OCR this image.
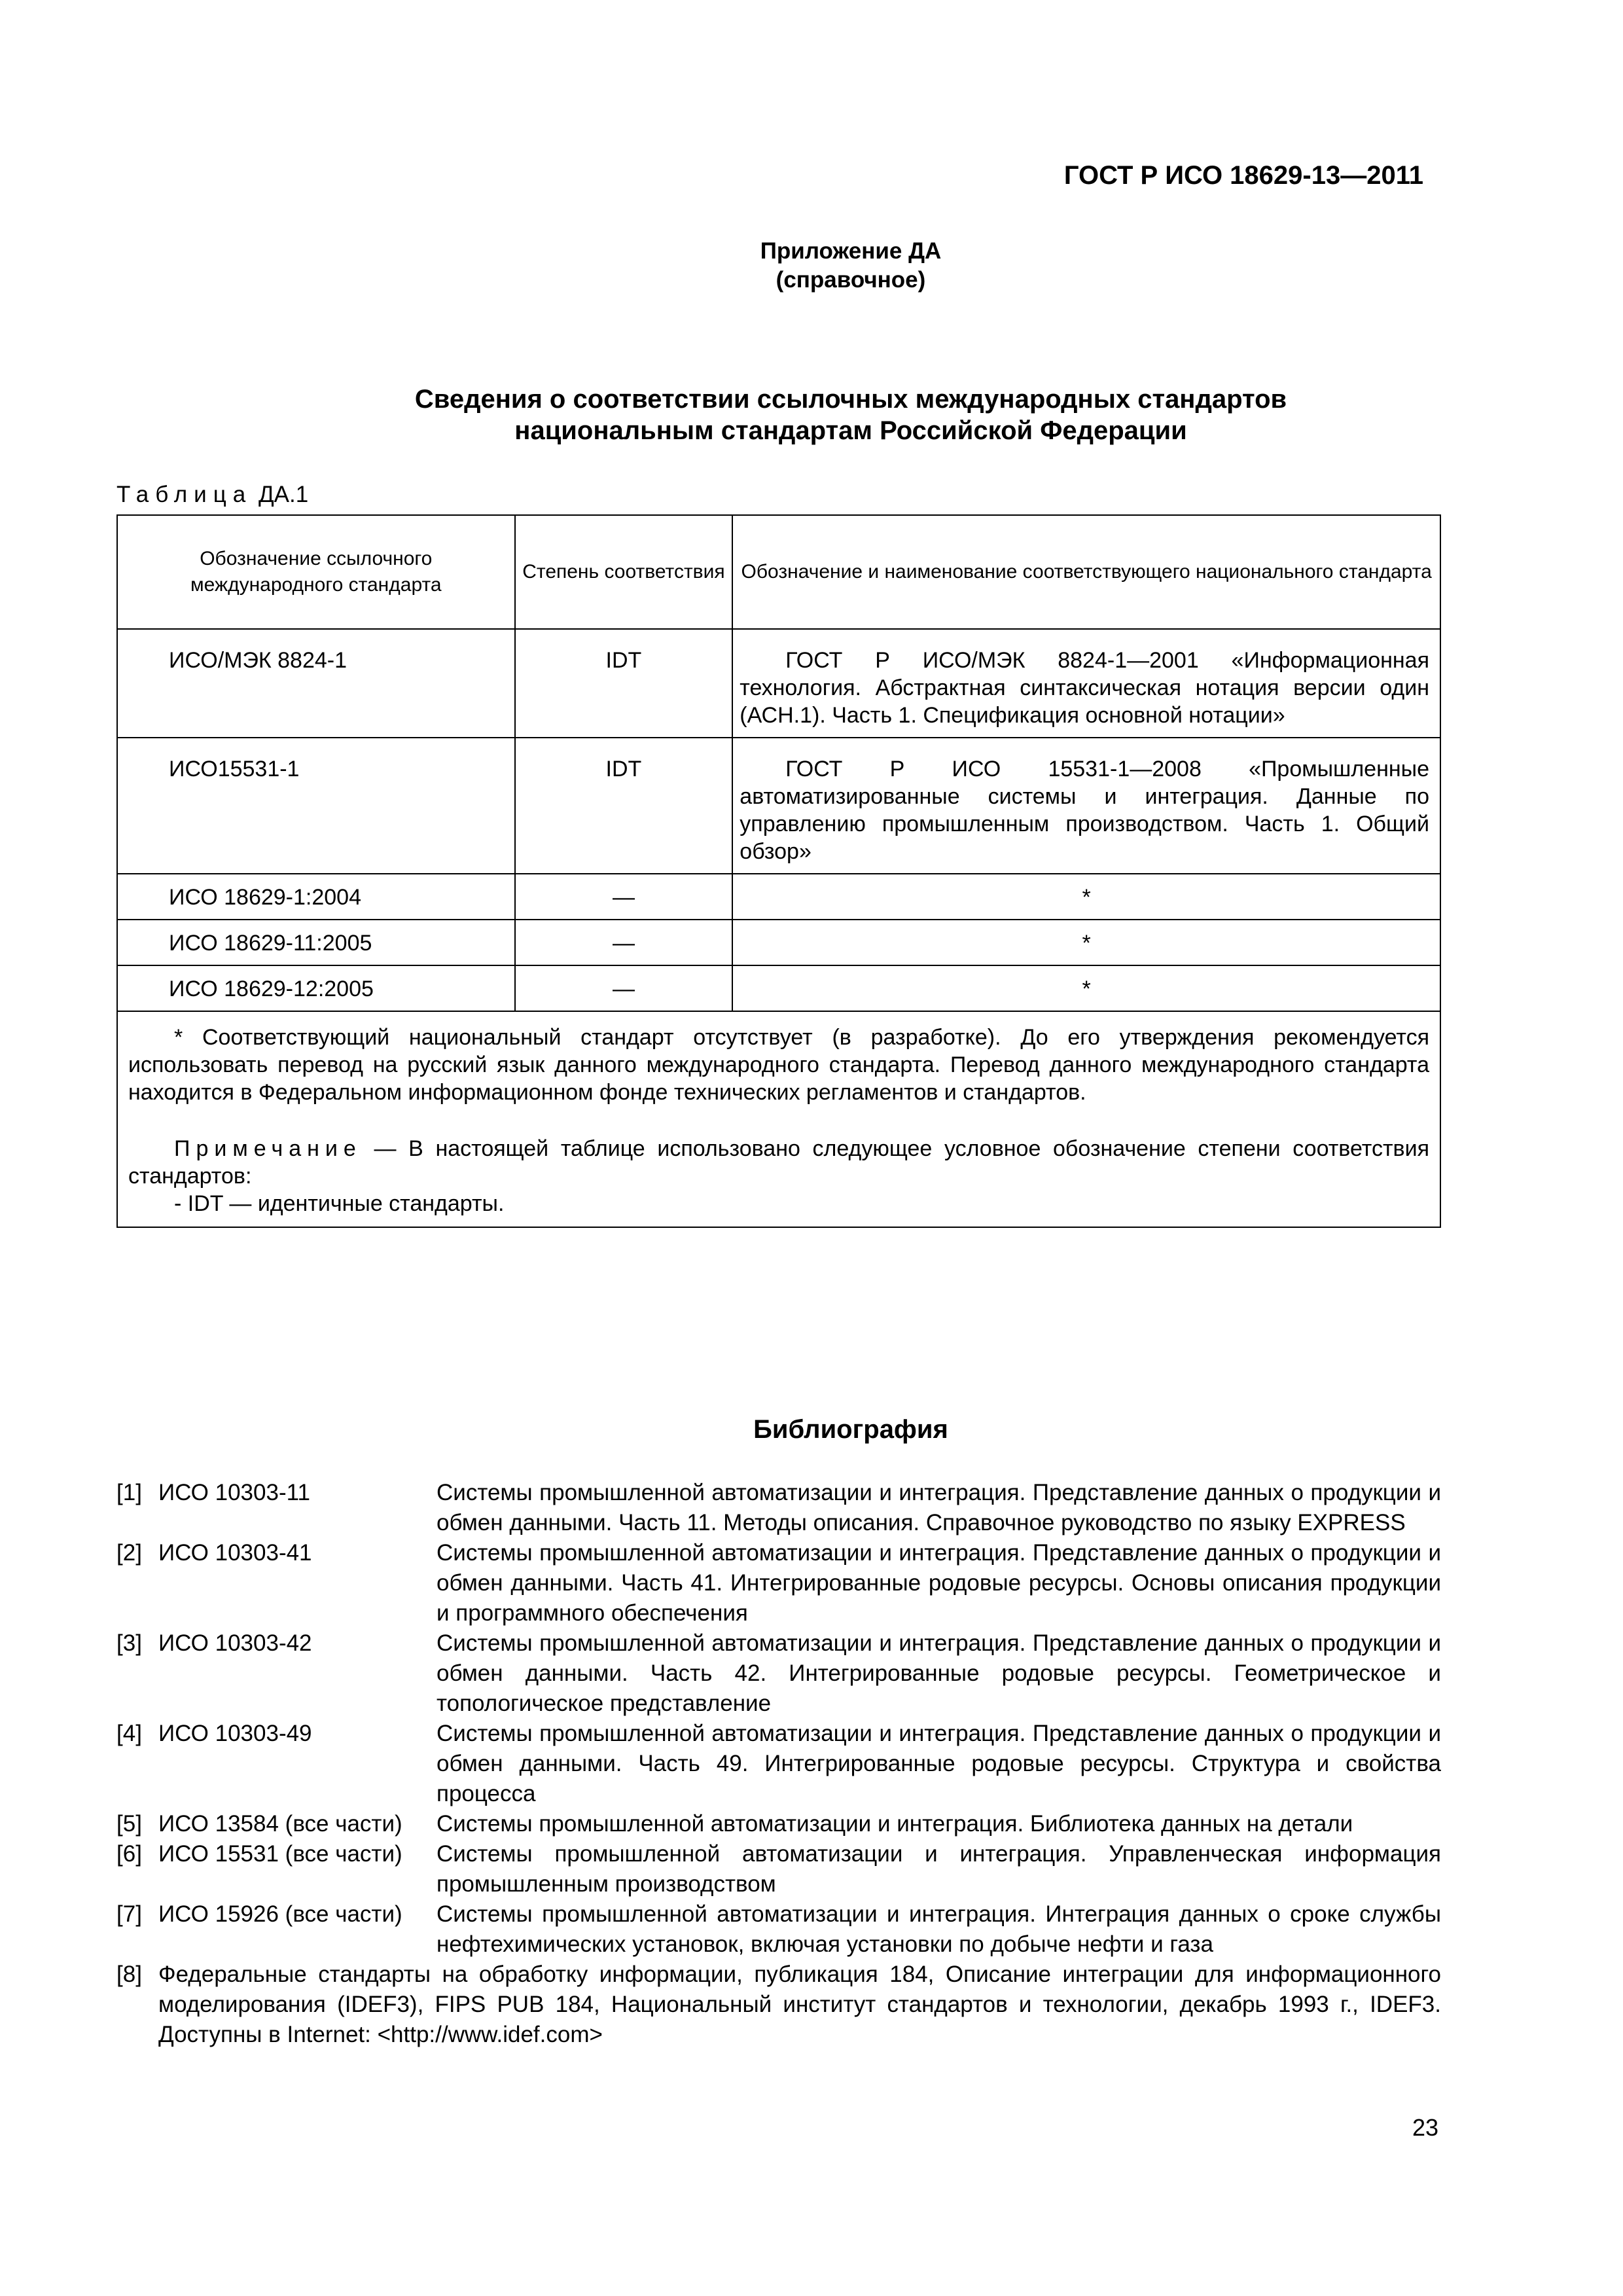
ГОСТ Р ИСО 18629-13—2011
Приложение ДА
(справочное)
Сведения о соответствии ссылочных международных стандартов
национальным стандартам Российской Федерации
Таблица ДА.1
Обозначение ссылочного международного стандарта	Степень соответствия	Обозначение и наименование соответствующего национального стандарта
ИСО/МЭК 8824-1	IDT	ГОСТ Р ИСО/МЭК 8824-1—2001 «Информационная технология. Абстрактная синтаксическая нотация версии один (АСН.1). Часть 1. Спецификация основной нотации»
ИСО15531-1	IDT	ГОСТ Р ИСО 15531-1—2008 «Промышленные автоматизированные системы и интеграция. Данные по управлению промышленным производством. Часть 1. Общий обзор»
ИСО 18629-1:2004	—	*
ИСО 18629-11:2005	—	*
ИСО 18629-12:2005	—	*

* Соответствующий национальный стандарт отсутствует (в разработке). До его утверждения рекомендуется использовать перевод на русский язык данного международного стандарта. Перевод данного международного стандарта находится в Федеральном информационном фонде технических регламентов и стандартов.

Примечание — В настоящей таблице использовано следующее условное обозначение степени соответствия стандартов:

- IDT — идентичные стандарты.		
Библиография
[1] ИСО 10303-11	Системы промышленной автоматизации и интеграция. Представление данных о продукции и обмен данными. Часть 11. Методы описания. Справочное руководство по языку EXPRESS
[2] ИСО 10303-41	Системы промышленной автоматизации и интеграция. Представление данных о продукции и обмен данными. Часть 41. Интегрированные родовые ресурсы. Основы описания продукции и программного обеспечения
[3] ИСО 10303-42	Системы промышленной автоматизации и интеграция. Представление данных о продукции и обмен данными. Часть 42. Интегрированные родовые ресурсы. Геометрическое и топологическое представление
[4] ИСО 10303-49	Системы промышленной автоматизации и интеграция. Представление данных о продукции и обмен данными. Часть 49. Интегрированные родовые ресурсы. Структура и свойства процесса
[5] ИСО 13584 (все части)	Системы промышленной автоматизации и интеграция. Библиотека данных на детали
[6] ИСО 15531 (все части)	Системы промышленной автоматизации и интеграция. Управленческая информация промышленным производством
[7] ИСО 15926 (все части)	Системы промышленной автоматизации и интеграция. Интеграция данных о сроке службы нефтехимических установок, включая установки по добыче нефти и газа
[8] Федеральные стандарты на обработку информации, публикация 184, Описание интеграции для информационного моделирования (IDEF3), FIPS PUB 184, Национальный институт стандартов и технологии, декабрь 1993 г., IDEF3. Доступны в Internet: <http://www.idef.com>
23
